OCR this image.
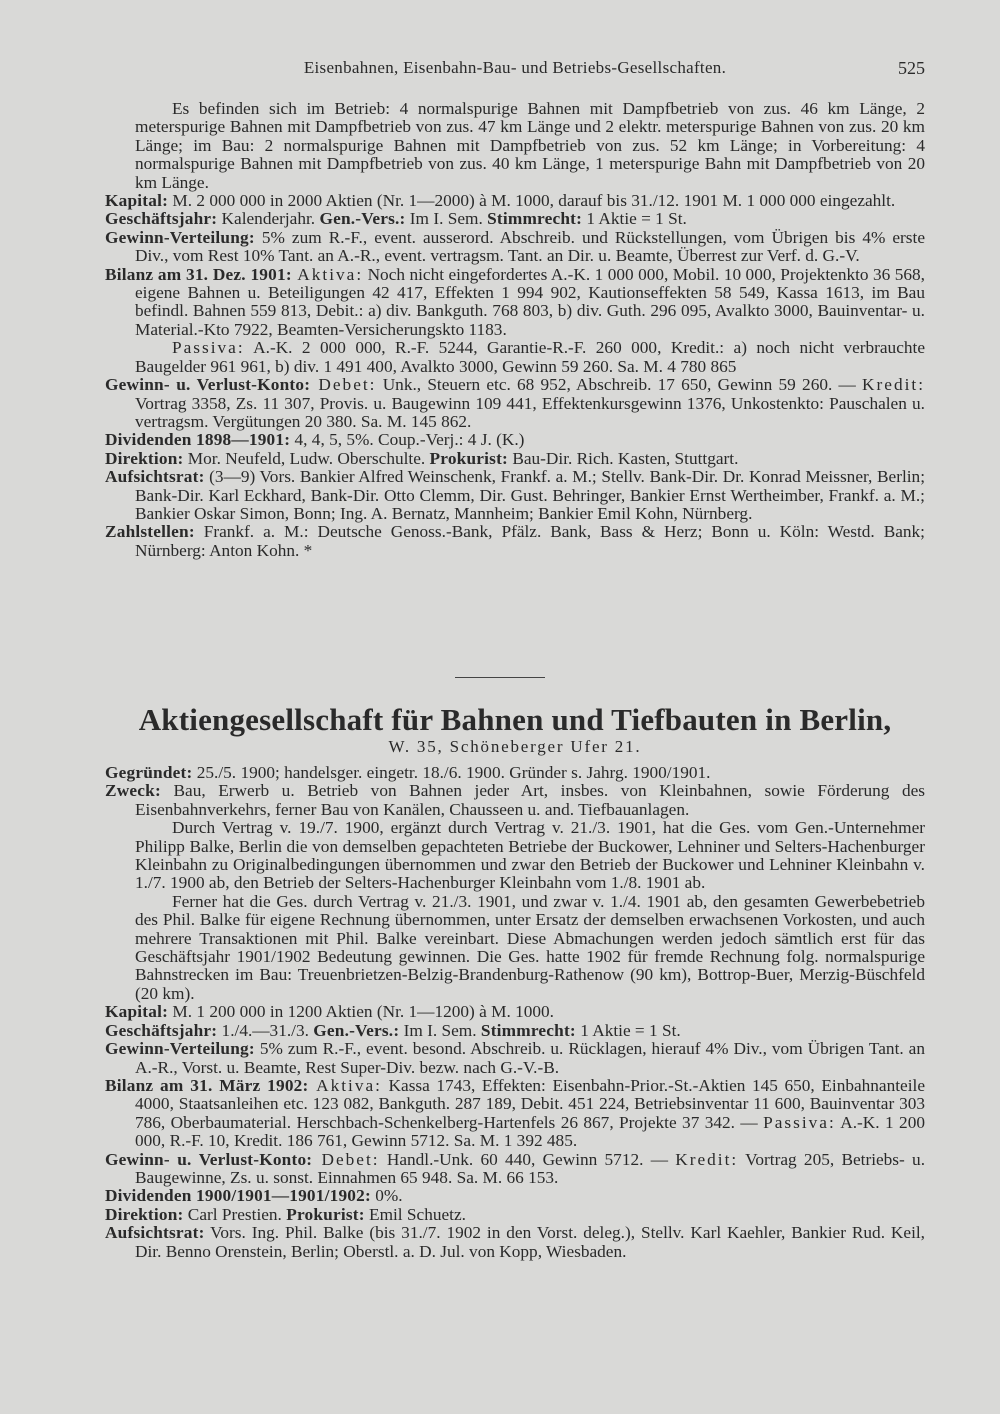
Eisenbahnen, Eisenbahn-Bau- und Betriebs-Gesellschaften.	525

Es befinden sich im Betrieb: 4 normalspurige Bahnen mit Dampfbetrieb von zus. 46 km Länge, 2 meterspurige Bahnen mit Dampfbetrieb von zus. 47 km Länge und 2 elektr. meterspurige Bahnen von zus. 20 km Länge; im Bau: 2 normalspurige Bahnen mit Dampfbetrieb von zus. 52 km Länge; in Vorbereitung: 4 normalspurige Bahnen mit Dampfbetrieb von zus. 40 km Länge, 1 meterspurige Bahn mit Dampfbetrieb von 20 km Länge.

Kapital: M. 2 000 000 in 2000 Aktien (Nr. 1—2000) à M. 1000, darauf bis 31./12. 1901 M. 1 000 000 eingezahlt.

Geschäftsjahr: Kalenderjahr. Gen.-Vers.: Im I. Sem. Stimmrecht: 1 Aktie = 1 St.

Gewinn-Verteilung: 5% zum R.-F., event. ausserord. Abschreib. und Rückstellungen, vom Übrigen bis 4% erste Div., vom Rest 10% Tant. an A.-R., event. vertragsm. Tant. an Dir. u. Beamte, Überrest zur Verf. d. G.-V.

Bilanz am 31. Dez. 1901: Aktiva: Noch nicht eingefordertes A.-K. 1 000 000, Mobil. 10 000, Projektenkto 36 568, eigene Bahnen u. Beteiligungen 42 417, Effekten 1 994 902, Kautionseffekten 58 549, Kassa 1613, im Bau befindl. Bahnen 559 813, Debit.: a) div. Bankguth. 768 803, b) div. Guth. 296 095, Avalkto 3000, Bauinventar- u. Material.-Kto 7922, Beamten-Versicherungskto 1183.

Passiva: A.-K. 2 000 000, R.-F. 5244, Garantie-R.-F. 260 000, Kredit.: a) noch nicht verbrauchte Baugelder 961 961, b) div. 1 491 400, Avalkto 3000, Gewinn 59 260. Sa. M. 4 780 865

Gewinn- u. Verlust-Konto: Debet: Unk., Steuern etc. 68 952, Abschreib. 17 650, Gewinn 59 260. — Kredit: Vortrag 3358, Zs. 11 307, Provis. u. Baugewinn 109 441, Effektenkursgewinn 1376, Unkostenkto: Pauschalen u. vertragsm. Vergütungen 20 380. Sa. M. 145 862.

Dividenden 1898—1901: 4, 4, 5, 5%. Coup.-Verj.: 4 J. (K.)

Direktion: Mor. Neufeld, Ludw. Oberschulte. Prokurist: Bau-Dir. Rich. Kasten, Stuttgart.

Aufsichtsrat: (3—9) Vors. Bankier Alfred Weinschenk, Frankf. a. M.; Stellv. Bank-Dir. Dr. Konrad Meissner, Berlin; Bank-Dir. Karl Eckhard, Bank-Dir. Otto Clemm, Dir. Gust. Behringer, Bankier Ernst Wertheimber, Frankf. a. M.; Bankier Oskar Simon, Bonn; Ing. A. Bernatz, Mannheim; Bankier Emil Kohn, Nürnberg.

Zahlstellen: Frankf. a. M.: Deutsche Genoss.-Bank, Pfälz. Bank, Bass & Herz; Bonn u. Köln: Westd. Bank; Nürnberg: Anton Kohn. *

Aktiengesellschaft für Bahnen und Tiefbauten in Berlin,
W. 35, Schöneberger Ufer 21.

Gegründet: 25./5. 1900; handelsger. eingetr. 18./6. 1900. Gründer s. Jahrg. 1900/1901.

Zweck: Bau, Erwerb u. Betrieb von Bahnen jeder Art, insbes. von Kleinbahnen, sowie Förderung des Eisenbahnverkehrs, ferner Bau von Kanälen, Chausseen u. and. Tiefbauanlagen.

Durch Vertrag v. 19./7. 1900, ergänzt durch Vertrag v. 21./3. 1901, hat die Ges. vom Gen.-Unternehmer Philipp Balke, Berlin die von demselben gepachteten Betriebe der Buckower, Lehniner und Selters-Hachenburger Kleinbahn zu Originalbedingungen übernommen und zwar den Betrieb der Buckower und Lehniner Kleinbahn v. 1./7. 1900 ab, den Betrieb der Selters-Hachenburger Kleinbahn vom 1./8. 1901 ab.

Ferner hat die Ges. durch Vertrag v. 21./3. 1901, und zwar v. 1./4. 1901 ab, den gesamten Gewerbebetrieb des Phil. Balke für eigene Rechnung übernommen, unter Ersatz der demselben erwachsenen Vorkosten, und auch mehrere Transaktionen mit Phil. Balke vereinbart. Diese Abmachungen werden jedoch sämtlich erst für das Geschäftsjahr 1901/1902 Bedeutung gewinnen. Die Ges. hatte 1902 für fremde Rechnung folg. normalspurige Bahnstrecken im Bau: Treuenbrietzen-Belzig-Brandenburg-Rathenow (90 km), Bottrop-Buer, Merzig-Büschfeld (20 km).

Kapital: M. 1 200 000 in 1200 Aktien (Nr. 1—1200) à M. 1000.

Geschäftsjahr: 1./4.—31./3. Gen.-Vers.: Im I. Sem. Stimmrecht: 1 Aktie = 1 St.

Gewinn-Verteilung: 5% zum R.-F., event. besond. Abschreib. u. Rücklagen, hierauf 4% Div., vom Übrigen Tant. an A.-R., Vorst. u. Beamte, Rest Super-Div. bezw. nach G.-V.-B.

Bilanz am 31. März 1902: Aktiva: Kassa 1743, Effekten: Eisenbahn-Prior.-St.-Aktien 145 650, Einbahnanteile 4000, Staatsanleihen etc. 123 082, Bankguth. 287 189, Debit. 451 224, Betriebsinventar 11 600, Bauinventar 303 786, Oberbaumaterial. Herschbach-Schenkelberg-Hartenfels 26 867, Projekte 37 342. — Passiva: A.-K. 1 200 000, R.-F. 10, Kredit. 186 761, Gewinn 5712. Sa. M. 1 392 485.

Gewinn- u. Verlust-Konto: Debet: Handl.-Unk. 60 440, Gewinn 5712. — Kredit: Vortrag 205, Betriebs- u. Baugewinne, Zs. u. sonst. Einnahmen 65 948. Sa. M. 66 153.

Dividenden 1900/1901—1901/1902: 0%.

Direktion: Carl Prestien. Prokurist: Emil Schuetz.

Aufsichtsrat: Vors. Ing. Phil. Balke (bis 31./7. 1902 in den Vorst. deleg.), Stellv. Karl Kaehler, Bankier Rud. Keil, Dir. Benno Orenstein, Berlin; Oberstl. a. D. Jul. von Kopp, Wiesbaden.
